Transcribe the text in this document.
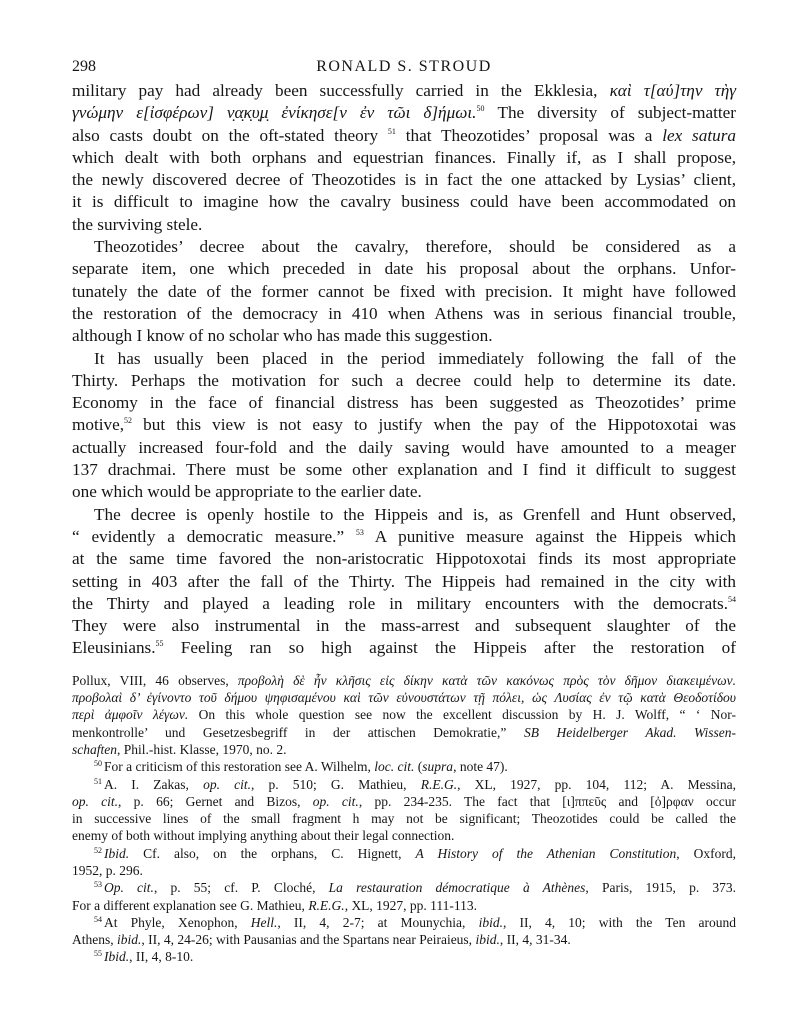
298	RONALD S. STROUD
military pay had already been successfully carried in the Ekklesia, καὶ τ[αύ]την τὴγ
γνώμην ε[ἰσφέρων] ν̣α̣κ̣υ̣μ̣ ἐνίκησε[ν ἐν τῶι δ]ήμωι.$^{50}$ The diversity of subject-matter
also casts doubt on the oft-stated theory $^{51}$ that Theozotides’ proposal was a lex satura
which dealt with both orphans and equestrian finances. Finally if, as I shall propose,
the newly discovered decree of Theozotides is in fact the one attacked by Lysias’ client,
it is difficult to imagine how the cavalry business could have been accommodated on
the surviving stele.
Theozotides’ decree about the cavalry, therefore, should be considered as a
separate item, one which preceded in date his proposal about the orphans. Unfor-
tunately the date of the former cannot be fixed with precision. It might have followed
the restoration of the democracy in 410 when Athens was in serious financial trouble,
although I know of no scholar who has made this suggestion.
It has usually been placed in the period immediately following the fall of the
Thirty. Perhaps the motivation for such a decree could help to determine its date.
Economy in the face of financial distress has been suggested as Theozotides’ prime
motive,$^{52}$ but this view is not easy to justify when the pay of the Hippotoxotai was
actually increased four-fold and the daily saving would have amounted to a meager
137 drachmai. There must be some other explanation and I find it difficult to suggest
one which would be appropriate to the earlier date.
The decree is openly hostile to the Hippeis and is, as Grenfell and Hunt observed,
“ evidently a democratic measure.” $^{53}$ A punitive measure against the Hippeis which
at the same time favored the non-aristocratic Hippotoxotai finds its most appropriate
setting in 403 after the fall of the Thirty. The Hippeis had remained in the city with
the Thirty and played a leading role in military encounters with the democrats.$^{54}$
They were also instrumental in the mass-arrest and subsequent slaughter of the
Eleusinians.$^{55}$ Feeling ran so high against the Hippeis after the restoration of
Pollux, VIII, 46 observes, προβολὴ δὲ ἦν κλῆσις εἰς δίκην κατὰ τῶν κακόνως πρὸς τὸν δῆμον διακειμένων.
προβολαὶ δ’ ἐγίνοντο τοῦ δήμου ψηφισαμένου καὶ τῶν εὐνουστάτων τῇ πόλει, ὡς Λυσίας ἐν τῷ κατὰ Θεοδοτίδου
περὶ ἀμφοῖν λέγων. On this whole question see now the excellent discussion by H. J. Wolff, “ ‘ Nor-
menkontrolle’ und Gesetzesbegriff in der attischen Demokratie,” SB Heidelberger Akad. Wissen-
schaften, Phil.-hist. Klasse, 1970, no. 2.
$^{50}$ For a criticism of this restoration see A. Wilhelm, loc. cit. (supra, note 47).
$^{51}$ A. I. Zakas, op. cit., p. 510; G. Mathieu, R.E.G., XL, 1927, pp. 104, 112; A. Messina,
op. cit., p. 66; Gernet and Bizos, op. cit., pp. 234-235. The fact that [ι]ππεῦς and [ὀ]ρφαν occur
in successive lines of the small fragment h may not be significant; Theozotides could be called the
enemy of both without implying anything about their legal connection.
$^{52}$ Ibid. Cf. also, on the orphans, C. Hignett, A History of the Athenian Constitution, Oxford,
1952, p. 296.
$^{53}$ Op. cit., p. 55; cf. P. Cloché, La restauration démocratique à Athènes, Paris, 1915, p. 373.
For a different explanation see G. Mathieu, R.E.G., XL, 1927, pp. 111-113.
$^{54}$ At Phyle, Xenophon, Hell., II, 4, 2-7; at Mounychia, ibid., II, 4, 10; with the Ten around
Athens, ibid., II, 4, 24-26; with Pausanias and the Spartans near Peiraieus, ibid., II, 4, 31-34.
$^{55}$ Ibid., II, 4, 8-10.
